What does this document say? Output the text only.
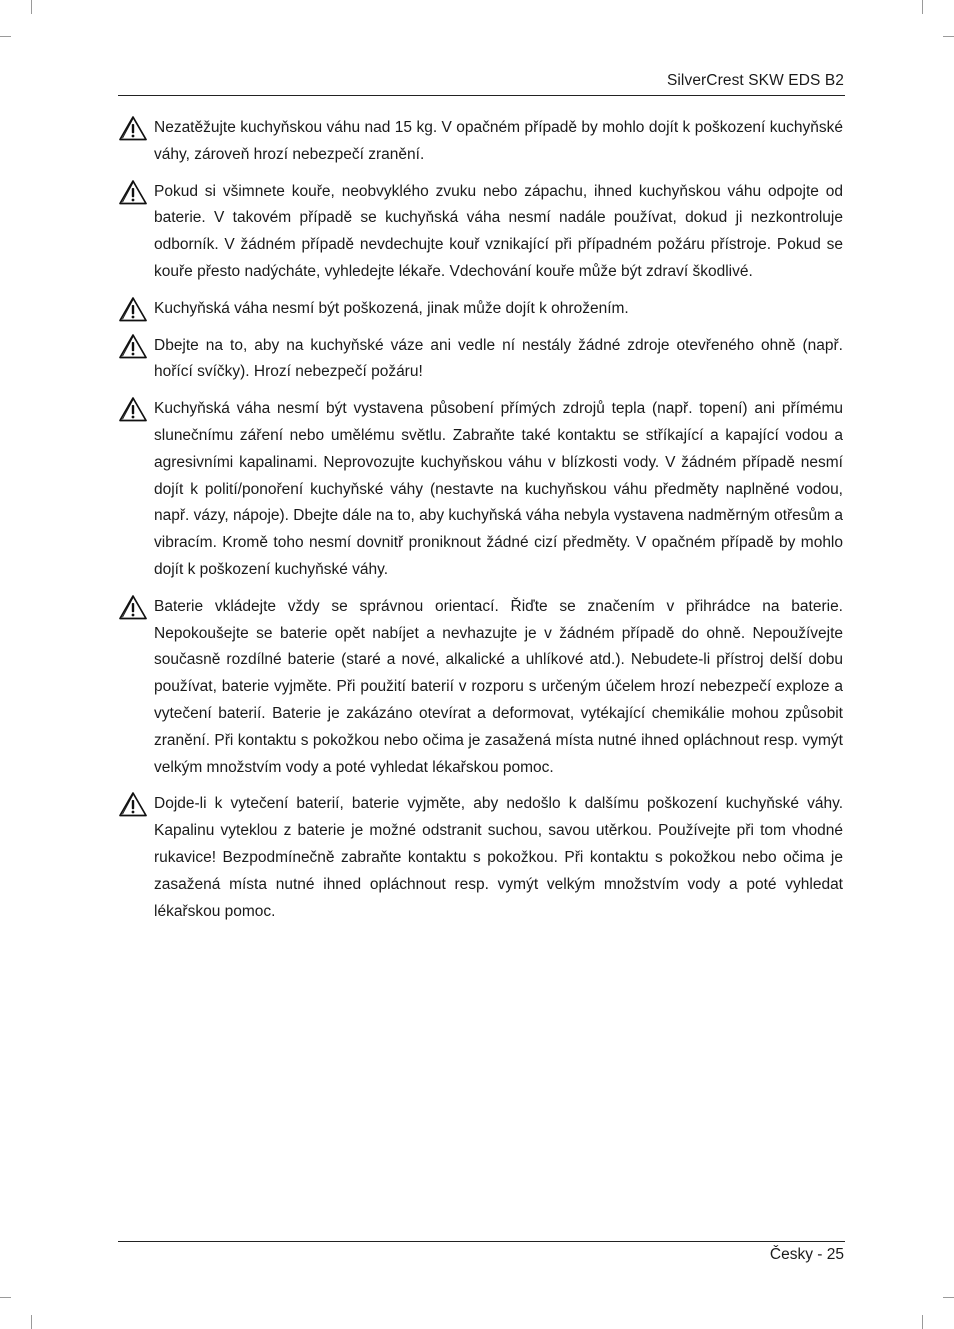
SilverCrest SKW EDS B2

Nezatěžujte kuchyňskou váhu nad 15 kg. V opačném případě by mohlo dojít k poškození kuchyňské váhy, zároveň hrozí nebezpečí zranění.

Pokud si všimnete kouře, neobvyklého zvuku nebo zápachu, ihned kuchyňskou váhu odpojte od baterie. V takovém případě se kuchyňská váha nesmí nadále používat, dokud ji nezkontroluje odborník. V žádném případě nevdechujte kouř vznikající při případném požáru přístroje. Pokud se kouře přesto nadýcháte, vyhledejte lékaře. Vdechování kouře může být zdraví škodlivé.

Kuchyňská váha nesmí být poškozená, jinak může dojít k ohrožením.

Dbejte na to, aby na kuchyňské váze ani vedle ní nestály žádné zdroje otevřeného ohně (např. hořící svíčky). Hrozí nebezpečí požáru!

Kuchyňská váha nesmí být vystavena působení přímých zdrojů tepla (např. topení) ani přímému slunečnímu záření nebo umělému světlu. Zabraňte také kontaktu se stříkající a kapající vodou a agresivními kapalinami. Neprovozujte kuchyňskou váhu v blízkosti vody. V žádném případě nesmí dojít k polití/ponoření kuchyňské váhy (nestavte na kuchyňskou váhu předměty naplněné vodou, např. vázy, nápoje). Dbejte dále na to, aby kuchyňská váha nebyla vystavena nadměrným otřesům a vibracím. Kromě toho nesmí dovnitř proniknout žádné cizí předměty. V opačném případě by mohlo dojít k poškození kuchyňské váhy.

Baterie vkládejte vždy se správnou orientací. Řiďte se značením v přihrádce na baterie. Nepokoušejte se baterie opět nabíjet a nevhazujte je v žádném případě do ohně. Nepoužívejte současně rozdílné baterie (staré a nové, alkalické a uhlíkové atd.). Nebudete-li přístroj delší dobu používat, baterie vyjměte. Při použití baterií v rozporu s určeným účelem hrozí nebezpečí exploze a vytečení baterií. Baterie je zakázáno otevírat a deformovat, vytékající chemikálie mohou způsobit zranění. Při kontaktu s pokožkou nebo očima je zasažená místa nutné ihned opláchnout resp. vymýt velkým množstvím vody a poté vyhledat lékařskou pomoc.

Dojde-li k vytečení baterií, baterie vyjměte, aby nedošlo k dalšímu poškození kuchyňské váhy. Kapalinu vyteklou z baterie je možné odstranit suchou, savou utěrkou. Používejte při tom vhodné rukavice! Bezpodmínečně zabraňte kontaktu s pokožkou. Při kontaktu s pokožkou nebo očima je zasažená místa nutné ihned opláchnout resp. vymýt velkým množstvím vody a poté vyhledat lékařskou pomoc.

Česky - 25
